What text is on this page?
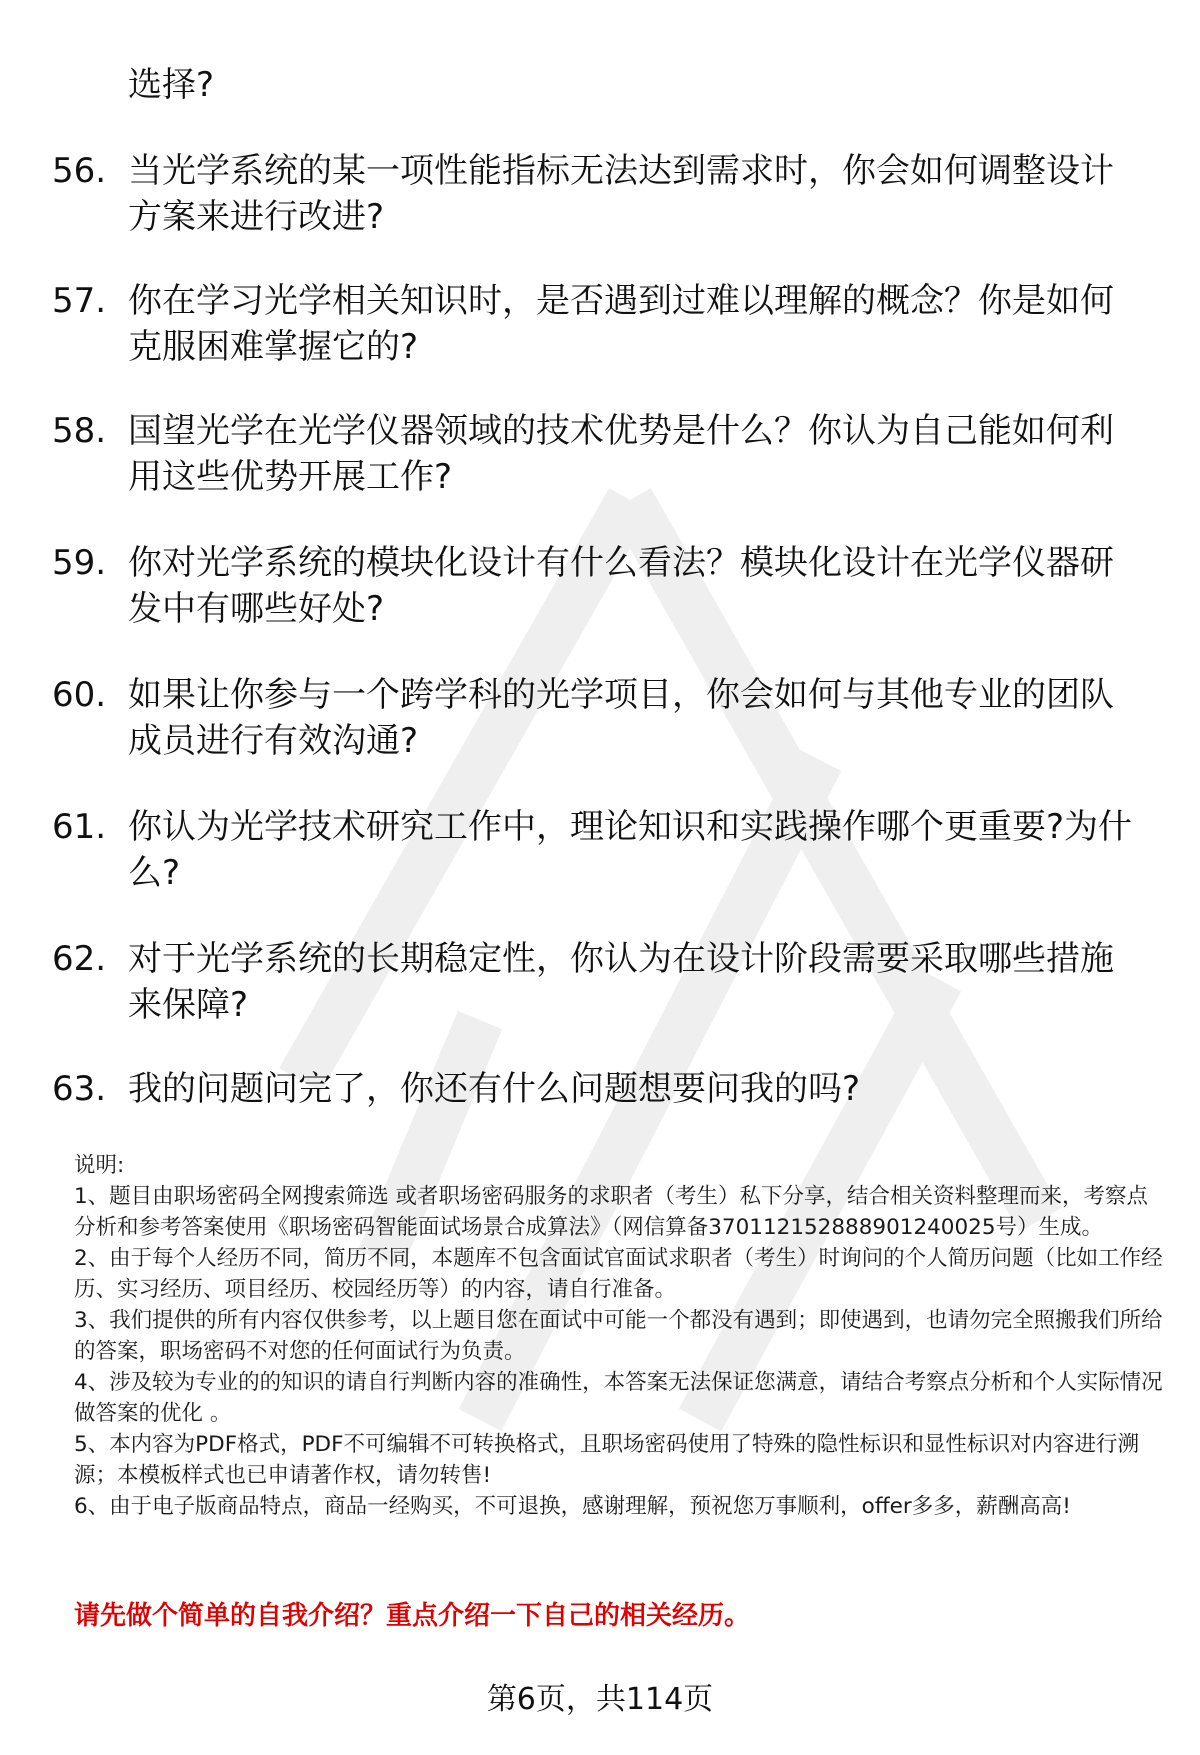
选择?
56. 当光学系统的某一项性能指标无法达到需求时，你会如何调整设计方案来进行改进?
57. 你在学习光学相关知识时，是否遇到过难以理解的概念？你是如何克服困难掌握它的?
58. 国望光学在光学仪器领域的技术优势是什么？你认为自己能如何利用这些优势开展工作?
59. 你对光学系统的模块化设计有什么看法？模块化设计在光学仪器研发中有哪些好处?
60. 如果让你参与一个跨学科的光学项目，你会如何与其他专业的团队成员进行有效沟通?
61. 你认为光学技术研究工作中，理论知识和实践操作哪个更重要?为什么?
62. 对于光学系统的长期稳定性，你认为在设计阶段需要采取哪些措施来保障?
63. 我的问题问完了，你还有什么问题想要问我的吗?

说明:

1、题目由职场密码全网搜索筛选 或者职场密码服务的求职者（考生）私下分享，结合相关资料整理而来，考察点分析和参考答案使用《职场密码智能面试场景合成算法》（网信算备370112152888901240025号）生成。

2、由于每个人经历不同，简历不同，本题库不包含面试官面试求职者（考生）时询问的个人简历问题（比如工作经历、实习经历、项目经历、校园经历等）的内容，请自行准备。

3、我们提供的所有内容仅供参考，以上题目您在面试中可能一个都没有遇到；即使遇到，也请勿完全照搬我们所给的答案，职场密码不对您的任何面试行为负责。

4、涉及较为专业的的知识的请自行判断内容的准确性，本答案无法保证您满意，请结合考察点分析和个人实际情况做答案的优化 。

5、本内容为PDF格式，PDF不可编辑不可转换格式，且职场密码使用了特殊的隐性标识和显性标识对内容进行溯源；本模板样式也已申请著作权，请勿转售!

6、由于电子版商品特点，商品一经购买，不可退换，感谢理解，预祝您万事顺利，offer多多，薪酬高高!

请先做个简单的自我介绍？重点介绍一下自己的相关经历。
第6页，共114页
